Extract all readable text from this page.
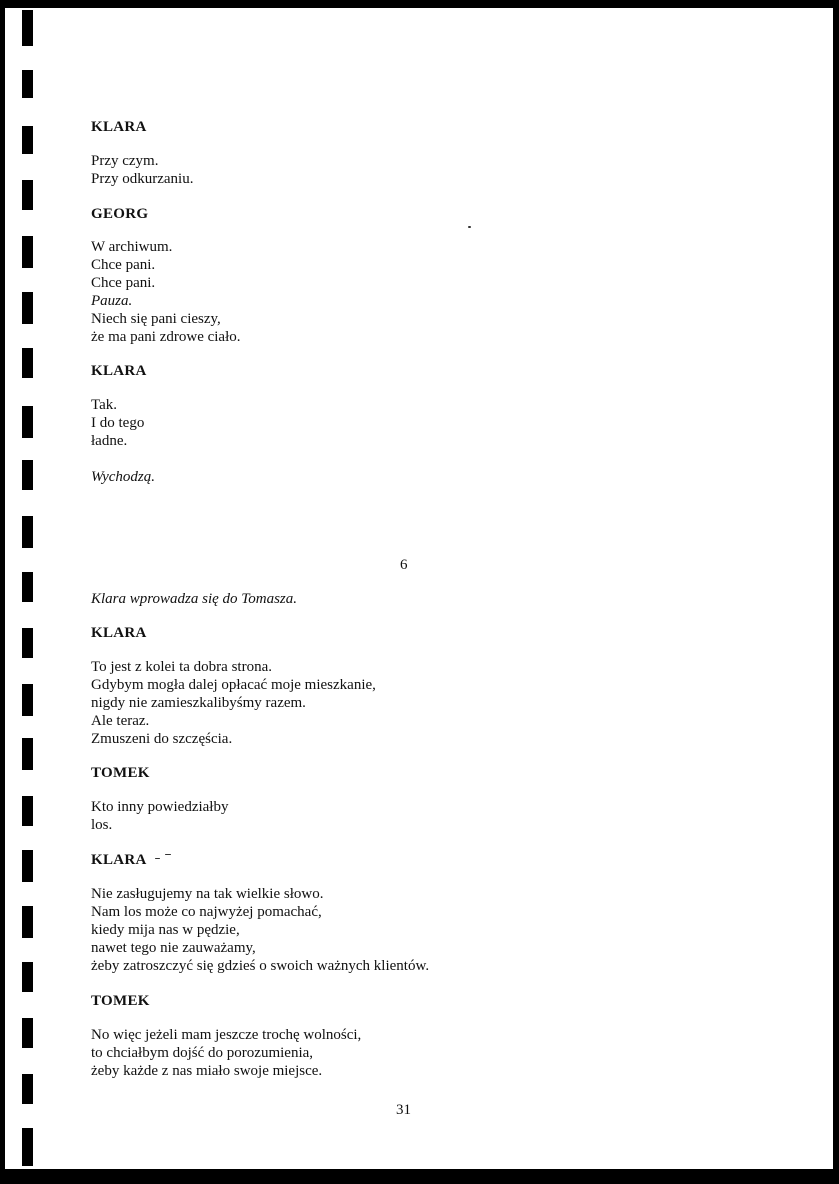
KLARA
Przy czym.
Przy odkurzaniu.
GEORG
W archiwum.
Chce pani.
Chce pani.
Pauza.
Niech się pani cieszy,
że ma pani zdrowe ciało.
KLARA
Tak.
I do tego
ładne.
Wychodzą.
Klara wprowadza się do Tomasza.
KLARA
To jest z kolei ta dobra strona.
Gdybym mogła dalej opłacać moje mieszkanie,
nigdy nie zamieszkalibyśmy razem.
Ale teraz.
Zmuszeni do szczęścia.
TOMEK
Kto inny powiedziałby
los.
KLARA
Nie zasługujemy na tak wielkie słowo.
Nam los może co najwyżej pomachać,
kiedy mija nas w pędzie,
nawet tego nie zauważamy,
żeby zatroszczyć się gdzieś o swoich ważnych klientów.
TOMEK
No więc jeżeli mam jeszcze trochę wolności,
to chciałbym dojść do porozumienia,
żeby każde z nas miało swoje miejsce.
6
31
